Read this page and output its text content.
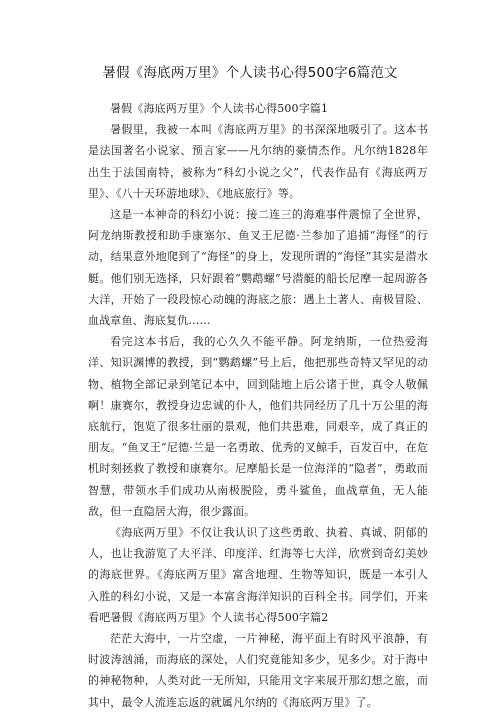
暑假《海底两万里》个人读书心得500字6篇范文

暑假《海底两万里》个人读书心得500字篇1

暑假里，我被一本叫《海底两万里》的书深深地吸引了。这本书是法国著名小说家、预言家——凡尔纳的豪情杰作。凡尔纳1828年出生于法国南特，被称为“科幻小说之父”，代表作品有《海底两万里》、《八十天环游地球》、《地底旅行》等。

这是一本神奇的科幻小说：接二连三的海难事件震惊了全世界，阿龙纳斯教授和助手康塞尔、鱼叉王尼德·兰参加了追捕“海怪”的行动，结果意外地爬到了“海怪”的身上，发现所谓的“海怪”其实是潜水艇。他们别无选择，只好跟着“鹦鹉螺”号潜艇的船长尼摩一起周游各大洋，开始了一段段惊心动魄的海底之旅：遇上土著人、南极冒险、血战章鱼、海底复仇……

看完这本书后，我的心久久不能平静。阿龙纳斯，一位热爱海洋、知识渊博的教授，到“鹦鹉螺”号上后，他把那些奇特又罕见的动物、植物全部记录到笔记本中，回到陆地上后公诸于世，真令人敬佩啊！康赛尔，教授身边忠诚的仆人，他们共同经历了几十万公里的海底航行，饱览了很多壮丽的景观，他们共患难，同艰辛，成了真正的朋友。“鱼叉王”尼德·兰是一名勇敢、优秀的叉鲸手，百发百中，在危机时刻拯救了教授和康赛尔。尼摩船长是一位海洋的“隐者”，勇敢而智慧，带领水手们成功从南极脱险，勇斗鲨鱼，血战章鱼，无人能敌，但一直隐居大海，很少露面。

《海底两万里》不仅让我认识了这些勇敢、执着、真诚、阴郁的人，也让我游览了大平洋、印度洋、红海等七大洋，欣赏到奇幻美妙的海底世界。《海底两万里》富含地理、生物等知识，既是一本引人入胜的科幻小说，又是一本富含海洋知识的百科全书。同学们，开来看吧暑假《海底两万里》个人读书心得500字篇2

茫茫大海中，一片空虚，一片神秘，海平面上有时风平浪静，有时波涛汹涌，而海底的深处，人们究竟能知多少，见多少。对于海中的神秘物种，人类对此一无所知，只能用文字来展开那幻想之旅，而其中，最令人流连忘返的就属凡尔纳的《海底两万里》了。
